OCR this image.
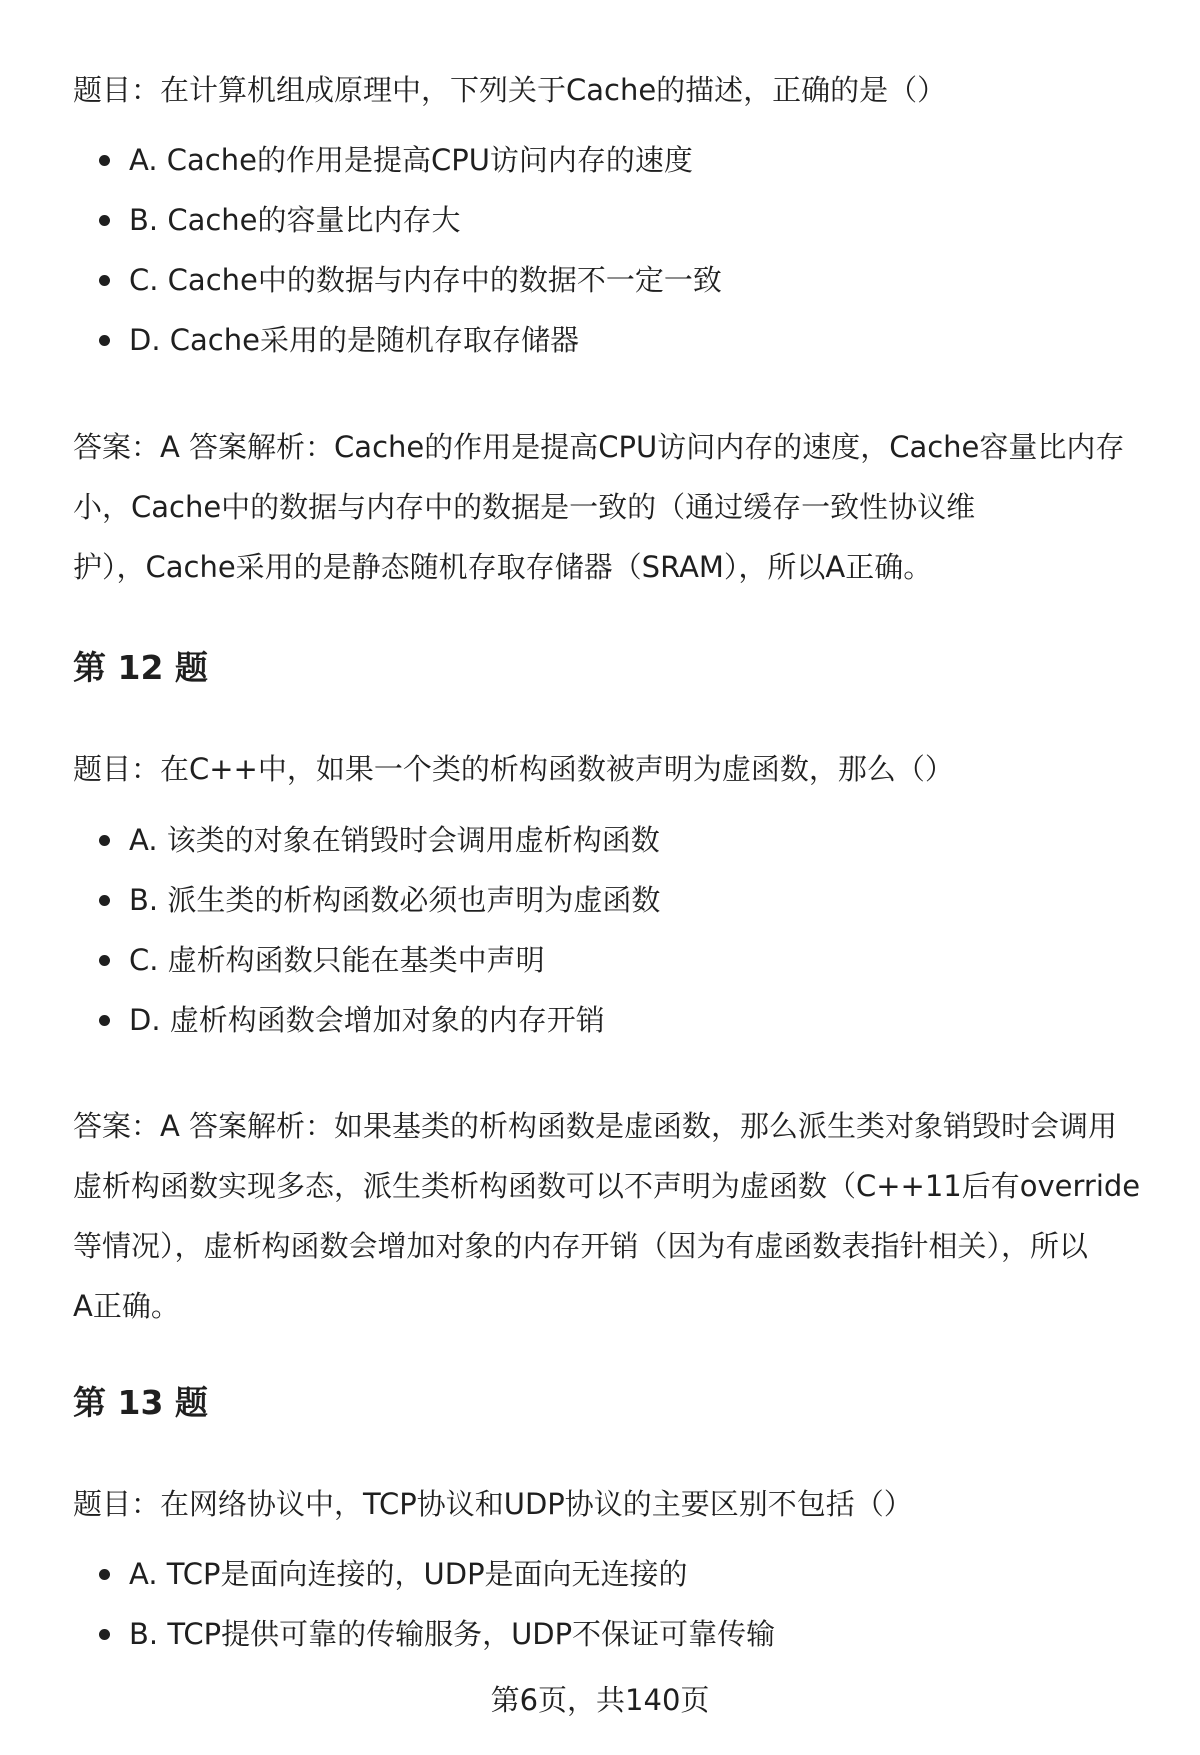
题目：在计算机组成原理中，下列关于Cache的描述，正确的是（）

A. Cache的作用是提高CPU访问内存的速度
B. Cache的容量比内存大
C. Cache中的数据与内存中的数据不一定一致
D. Cache采用的是随机存取存储器
答案：A 答案解析：Cache的作用是提高CPU访问内存的速度，Cache容量比内存
小，Cache中的数据与内存中的数据是一致的（通过缓存一致性协议维
护），Cache采用的是静态随机存取存储器（SRAM），所以A正确。
第 12 题

题目：在C++中，如果一个类的析构函数被声明为虚函数，那么（）

A. 该类的对象在销毁时会调用虚析构函数
B. 派生类的析构函数必须也声明为虚函数
C. 虚析构函数只能在基类中声明
D. 虚析构函数会增加对象的内存开销
答案：A 答案解析：如果基类的析构函数是虚函数，那么派生类对象销毁时会调用
虚析构函数实现多态，派生类析构函数可以不声明为虚函数（C++11后有override
等情况），虚析构函数会增加对象的内存开销（因为有虚函数表指针相关），所以
A正确。
第 13 题

题目：在网络协议中，TCP协议和UDP协议的主要区别不包括（）

A. TCP是面向连接的，UDP是面向无连接的
B. TCP提供可靠的传输服务，UDP不保证可靠传输
第6页，共140页
